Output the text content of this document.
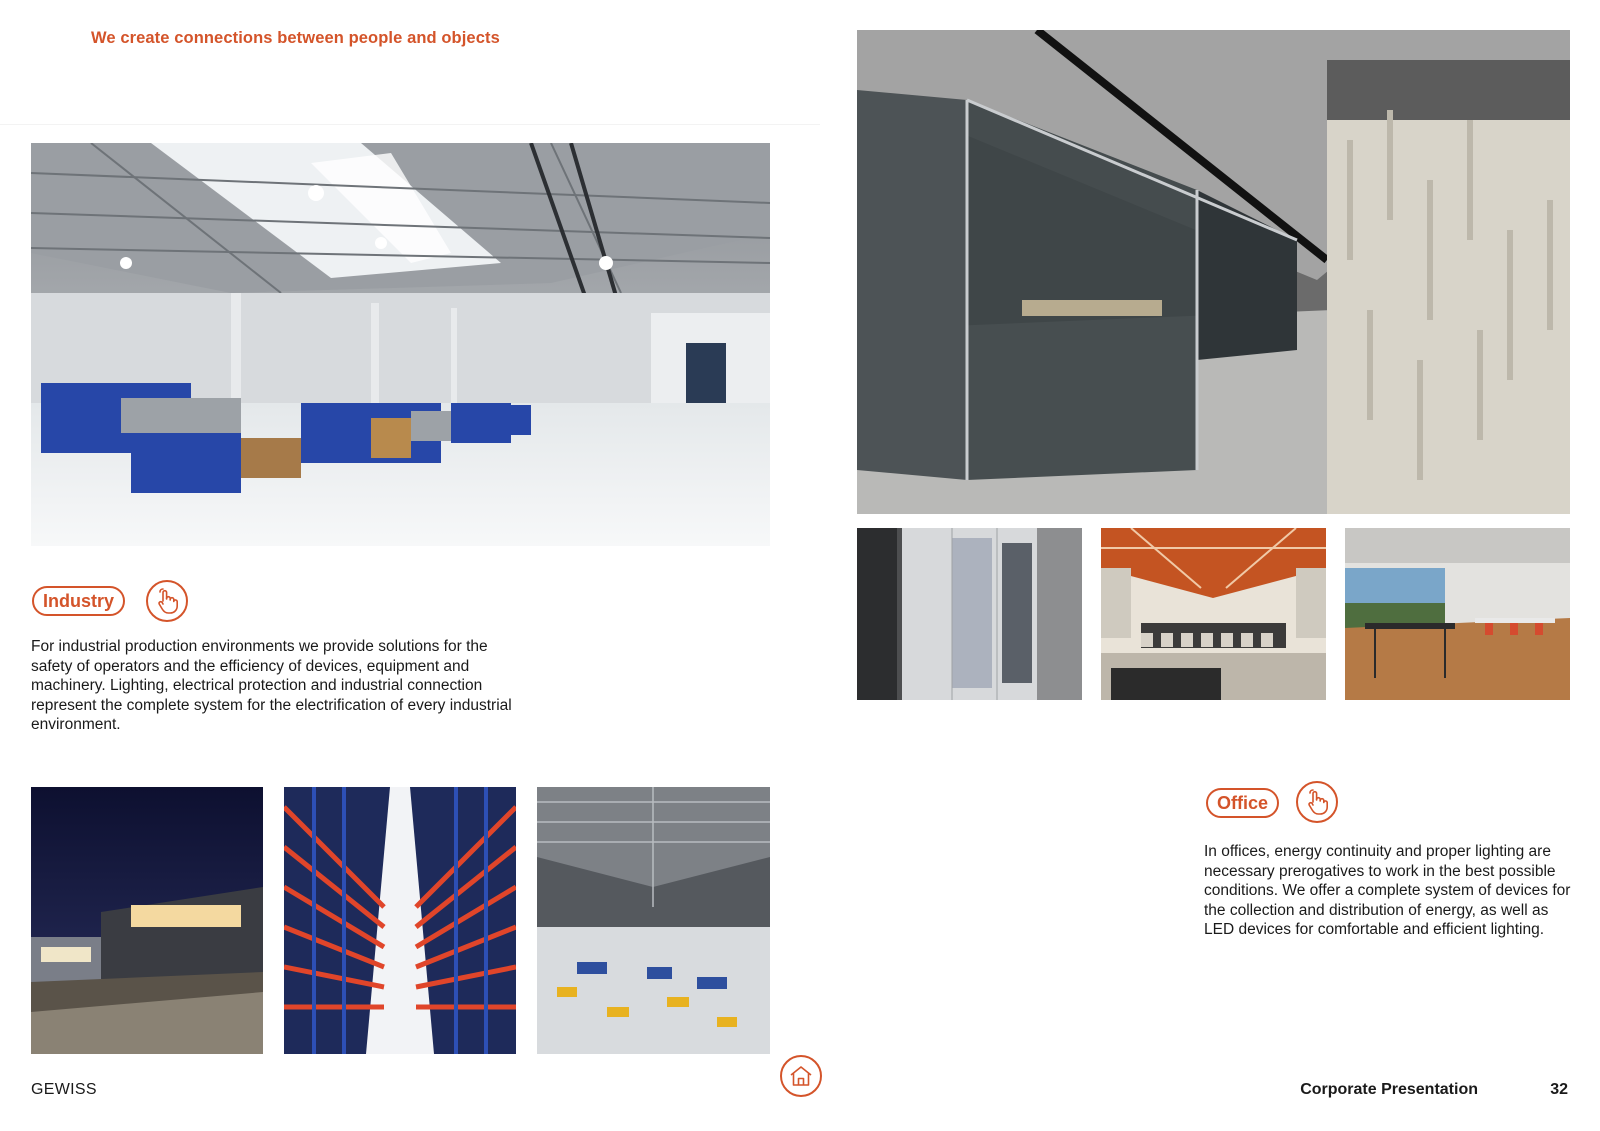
We create connections between people and objects
Industry
For industrial production environments we provide solutions for the safety of operators and the efficiency of devices, equipment and machinery. Lighting, electrical protection and industrial connection represent the complete system for the electrification of every industrial environment.
Office
In offices, energy continuity and proper lighting are necessary prerogatives to work in the best possible conditions. We offer a complete system of devices for the collection and distribution of energy, as well as LED devices for comfortable and efficient lighting.
GEWISS	Corporate Presentation	32
